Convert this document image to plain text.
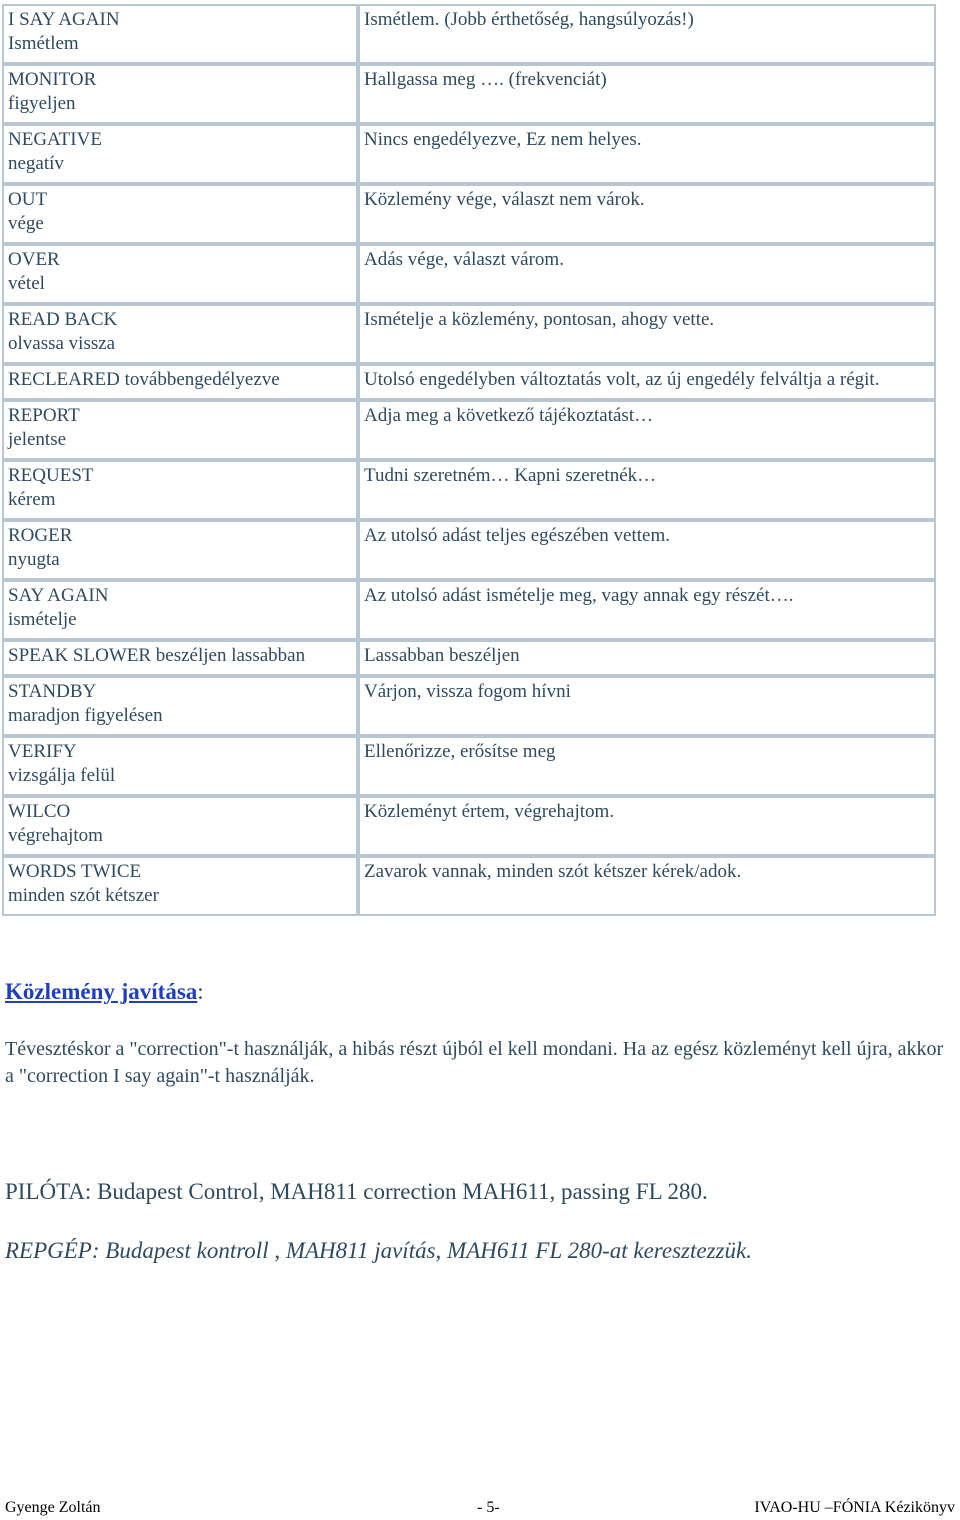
I SAY AGAIN
Ismétlem	Ismétlem. (Jobb érthetőség, hangsúlyozás!)

MONITOR
figyeljen	Hallgassa meg …. (frekvenciát)

NEGATIVE
negatív	Nincs engedélyezve, Ez nem helyes.

OUT
vége	Közlemény vége, választ nem várok.

OVER
vétel	Adás vége, választ várom.

READ BACK
olvassa vissza	Ismételje a közlemény, pontosan, ahogy vette.

RECLEARED továbbengedélyezve	Utolsó engedélyben változtatás volt, az új engedély felváltja a régit.

REPORT
jelentse	Adja meg a következő tájékoztatást…

REQUEST
kérem	Tudni szeretném… Kapni szeretnék…

ROGER
nyugta	Az utolsó adást teljes egészében vettem.

SAY AGAIN
ismételje	Az utolsó adást ismételje meg, vagy annak egy részét….

SPEAK SLOWER beszéljen lassabban	Lassabban beszéljen

STANDBY
maradjon figyelésen	Várjon, vissza fogom hívni

VERIFY
vizsgálja felül	Ellenőrizze, erősítse meg

WILCO
végrehajtom	Közleményt értem, végrehajtom.

WORDS TWICE
minden szót kétszer	Zavarok vannak, minden szót kétszer kérek/adok.
Közlemény javítása:
Tévesztéskor a "correction"-t használják, a hibás részt újból el kell mondani. Ha az egész közleményt kell újra, akkor a "correction I say again"-t használják.
PILÓTA: Budapest Control, MAH811 correction MAH611, passing FL 280.
REPGÉP: Budapest kontroll , MAH811 javítás, MAH611 FL 280-at keresztezzük.
Gyenge Zoltán	- 5-	IVAO-HU –FÓNIA Kézikönyv
